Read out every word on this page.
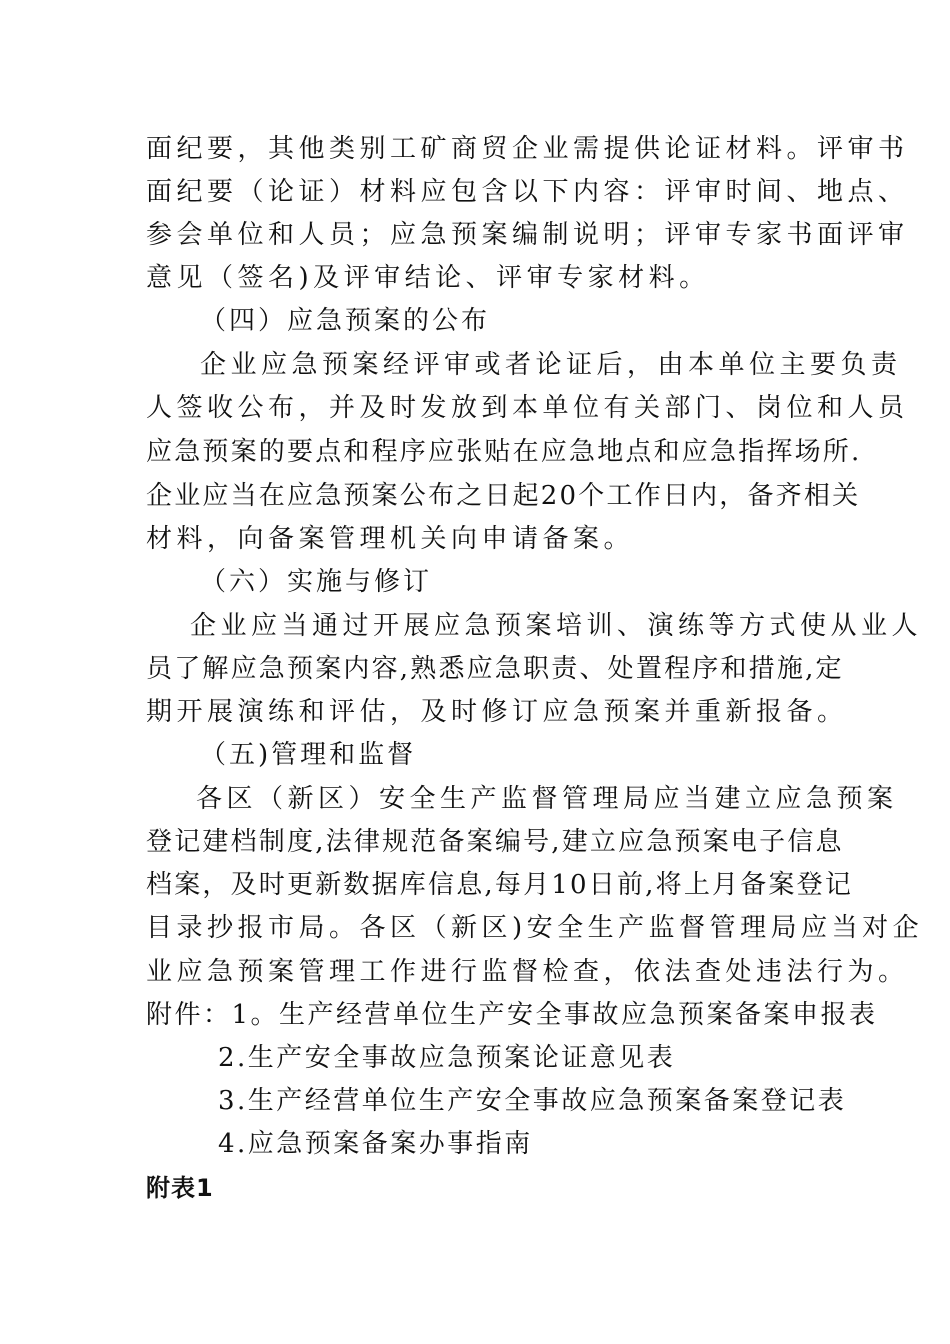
面纪要，其他类别工矿商贸企业需提供论证材料。评审书
面纪要（论证）材料应包含以下内容：评审时间、地点、
参会单位和人员；应急预案编制说明；评审专家书面评审
意见（签名)及评审结论、评审专家材料。
（四）应急预案的公布
企业应急预案经评审或者论证后，由本单位主要负责
人签收公布，并及时发放到本单位有关部门、岗位和人员
应急预案的要点和程序应张贴在应急地点和应急指挥场所.
企业应当在应急预案公布之日起20个工作日内，备齐相关
材料，向备案管理机关向申请备案。
（六）实施与修订
企业应当通过开展应急预案培训、演练等方式使从业人
员了解应急预案内容,熟悉应急职责、处置程序和措施,定
期开展演练和评估，及时修订应急预案并重新报备。
（五)管理和监督
各区（新区）安全生产监督管理局应当建立应急预案
登记建档制度,法律规范备案编号,建立应急预案电子信息
档案，及时更新数据库信息,每月10日前,将上月备案登记
目录抄报市局。各区（新区)安全生产监督管理局应当对企
业应急预案管理工作进行监督检查，依法查处违法行为。
附件：1。生产经营单位生产安全事故应急预案备案申报表
2.生产安全事故应急预案论证意见表
3.生产经营单位生产安全事故应急预案备案登记表
4.应急预案备案办事指南
附表1
